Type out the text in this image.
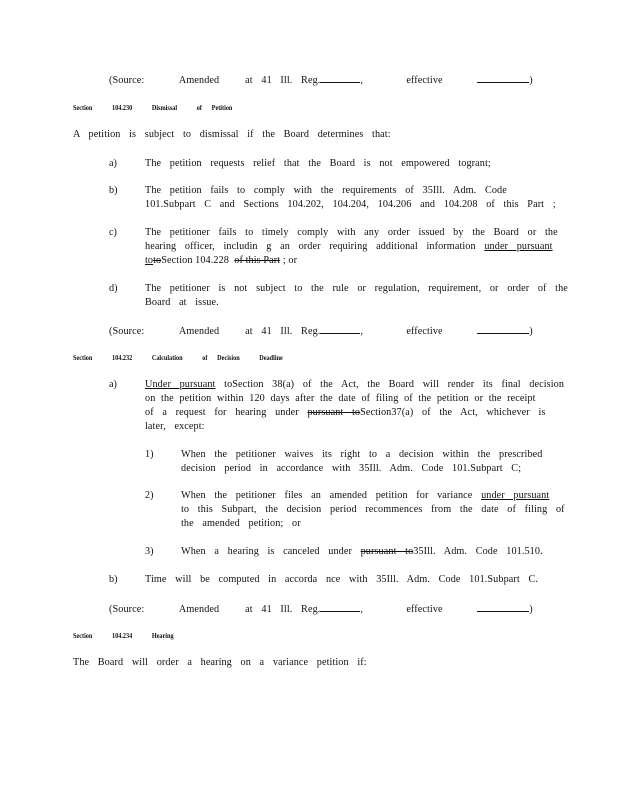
(Source:	Amended	at 41 Ill. Reg.	,     effective	)
Section	104.230	Dismissal	of Petition
A petition is subject to dismissal if the Board determines that:
a)	The petition requests relief that the Board is not empowered togrant;
b)	The petition fails to comply with the requirements of 35Ill. Adm. Code
101.Subpart C and Sections 104.202, 104.204, 104.206 and 104.208 of this Part ;
c)	The petitioner fails to timely comply with any order issued by the Board or the
hearing officer, includin g an order requiring additional information under pursuant
totoSection 104.228 of this Part ; or
d)	The petitioner is not subject to the rule or regulation, requirement, or order of the
Board at issue.
(Source:	Amended	at 41 Ill. Reg.	,     effective	)
Section	104.232	Calculation	of Decision	Deadline
a)	Under pursuant toSection 38(a) of the Act, the Board will render its final decision
on the petition within 120 days after the date of filing of the petition or the receipt
of a request for hearing under pursuant toSection37(a) of the Act, whichever is
later, except:
1)	When the petitioner waives its right to a decision within the prescribed
decision period in accordance with 35Ill. Adm. Code 101.Subpart C;
2)	When the petitioner files an amended petition for variance under pursuant
to this Subpart, the decision period recommences from the date of filing of
the amended petition; or
3)	When a hearing is canceled under pursuant to35Ill. Adm. Code 101.510.
b)	Time will be computed in accorda nce with 35Ill. Adm. Code 101.Subpart C.
(Source:	Amended	at 41 Ill. Reg.	,     effective	)
Section	104.234	Hearing
The Board will order a hearing on a variance petition if:
